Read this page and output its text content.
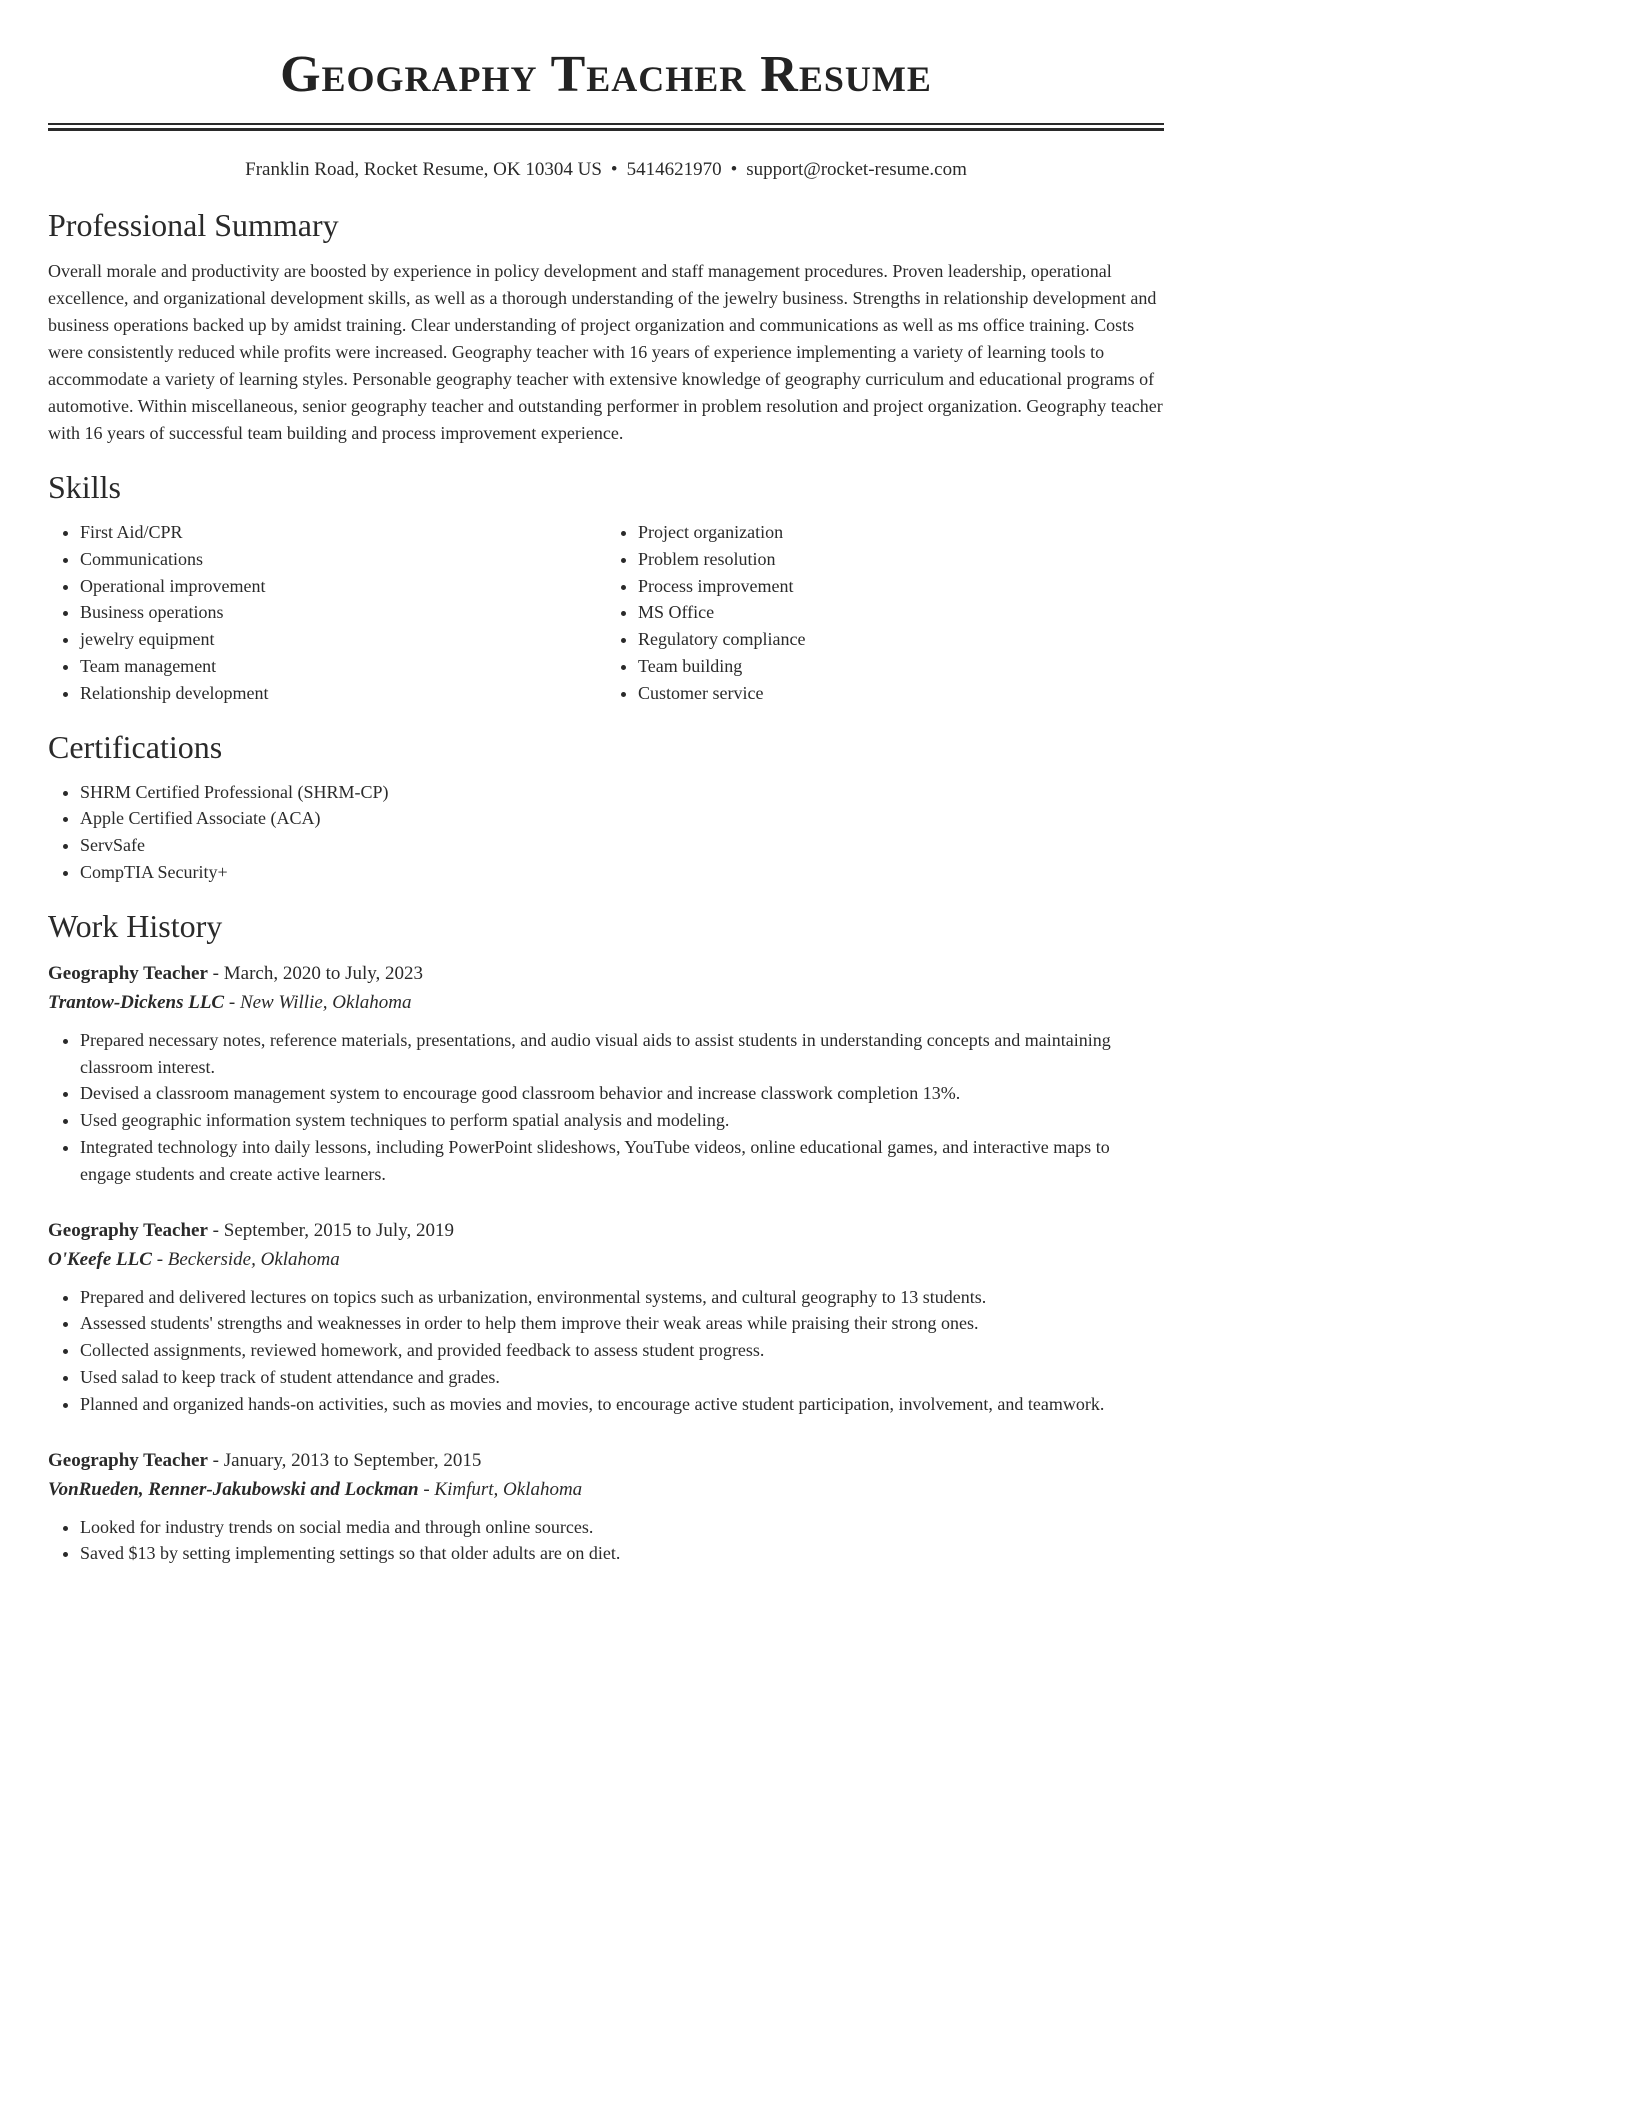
Geography Teacher Resume
Franklin Road, Rocket Resume, OK 10304 US • 5414621970 • support@rocket-resume.com
Professional Summary

Overall morale and productivity are boosted by experience in policy development and staff management procedures. Proven leadership, operational excellence, and organizational development skills, as well as a thorough understanding of the jewelry business. Strengths in relationship development and business operations backed up by amidst training. Clear understanding of project organization and communications as well as ms office training. Costs were consistently reduced while profits were increased. Geography teacher with 16 years of experience implementing a variety of learning tools to accommodate a variety of learning styles. Personable geography teacher with extensive knowledge of geography curriculum and educational programs of automotive. Within miscellaneous, senior geography teacher and outstanding performer in problem resolution and project organization. Geography teacher with 16 years of successful team building and process improvement experience.

Skills
• First Aid/CPR
• Communications
• Operational improvement
• Business operations
• jewelry equipment
• Team management
• Relationship development
• Project organization
• Problem resolution
• Process improvement
• MS Office
• Regulatory compliance
• Team building
• Customer service
Certifications
• SHRM Certified Professional (SHRM-CP)
• Apple Certified Associate (ACA)
• ServSafe
• CompTIA Security+
Work History
Geography Teacher - March, 2020 to July, 2023
Trantow-Dickens LLC - New Willie, Oklahoma
• Prepared necessary notes, reference materials, presentations, and audio visual aids to assist students in understanding concepts and maintaining classroom interest.
• Devised a classroom management system to encourage good classroom behavior and increase classwork completion 13%.
• Used geographic information system techniques to perform spatial analysis and modeling.
• Integrated technology into daily lessons, including PowerPoint slideshows, YouTube videos, online educational games, and interactive maps to engage students and create active learners.
Geography Teacher - September, 2015 to July, 2019
O'Keefe LLC - Beckerside, Oklahoma
• Prepared and delivered lectures on topics such as urbanization, environmental systems, and cultural geography to 13 students.
• Assessed students' strengths and weaknesses in order to help them improve their weak areas while praising their strong ones.
• Collected assignments, reviewed homework, and provided feedback to assess student progress.
• Used salad to keep track of student attendance and grades.
• Planned and organized hands-on activities, such as movies and movies, to encourage active student participation, involvement, and teamwork.
Geography Teacher - January, 2013 to September, 2015
VonRueden, Renner-Jakubowski and Lockman - Kimfurt, Oklahoma
• Looked for industry trends on social media and through online sources.
• Saved $13 by setting implementing settings so that older adults are on diet.
